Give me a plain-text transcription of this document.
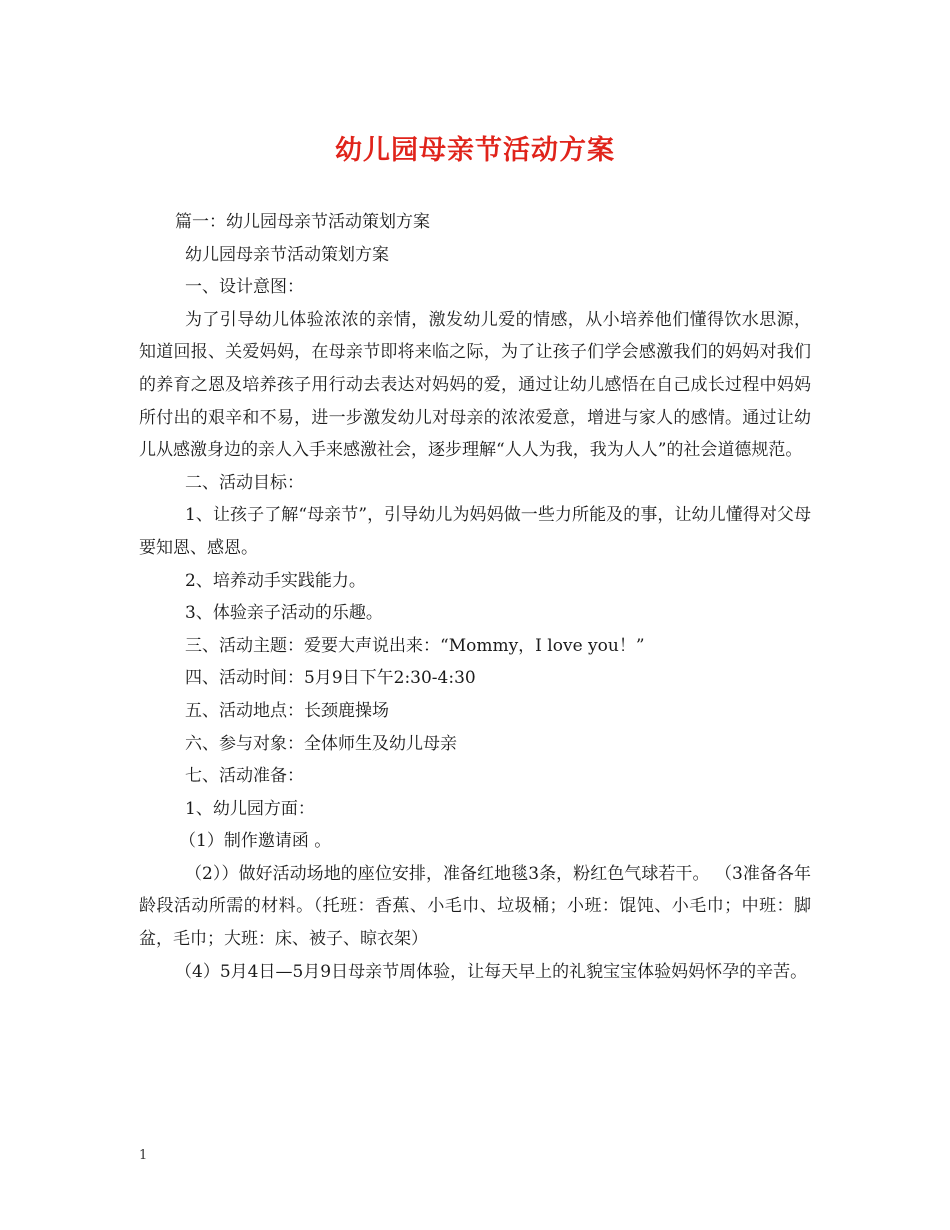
幼儿园母亲节活动方案

篇一：幼儿园母亲节活动策划方案

幼儿园母亲节活动策划方案

一、设计意图：

为了引导幼儿体验浓浓的亲情，激发幼儿爱的情感，从小培养他们懂得饮水思源，知道回报、关爱妈妈，在母亲节即将来临之际，为了让孩子们学会感激我们的妈妈对我们的养育之恩及培养孩子用行动去表达对妈妈的爱，通过让幼儿感悟在自己成长过程中妈妈所付出的艰辛和不易，进一步激发幼儿对母亲的浓浓爱意，增进与家人的感情。通过让幼儿从感激身边的亲人入手来感激社会，逐步理解“人人为我，我为人人”的社会道德规范。

二、活动目标：

1、让孩子了解“母亲节”，引导幼儿为妈妈做一些力所能及的事，让幼儿懂得对父母要知恩、感恩。

2、培养动手实践能力。

3、体验亲子活动的乐趣。

三、活动主题：爱要大声说出来：“Mommy，I love you！”

四、活动时间：5月9日下午2:30-4:30

五、活动地点：长颈鹿操场

六、参与对象：全体师生及幼儿母亲

七、活动准备：

1、幼儿园方面：

（1）制作邀请函 。

（2））做好活动场地的座位安排，准备红地毯3条，粉红色气球若干。 （3准备各年龄段活动所需的材料。（托班：香蕉、小毛巾、垃圾桶；小班：馄饨、小毛巾；中班：脚盆，毛巾；大班：床、被子、晾衣架）

（4）5月4日—5月9日母亲节周体验，让每天早上的礼貌宝宝体验妈妈怀孕的辛苦。

1
